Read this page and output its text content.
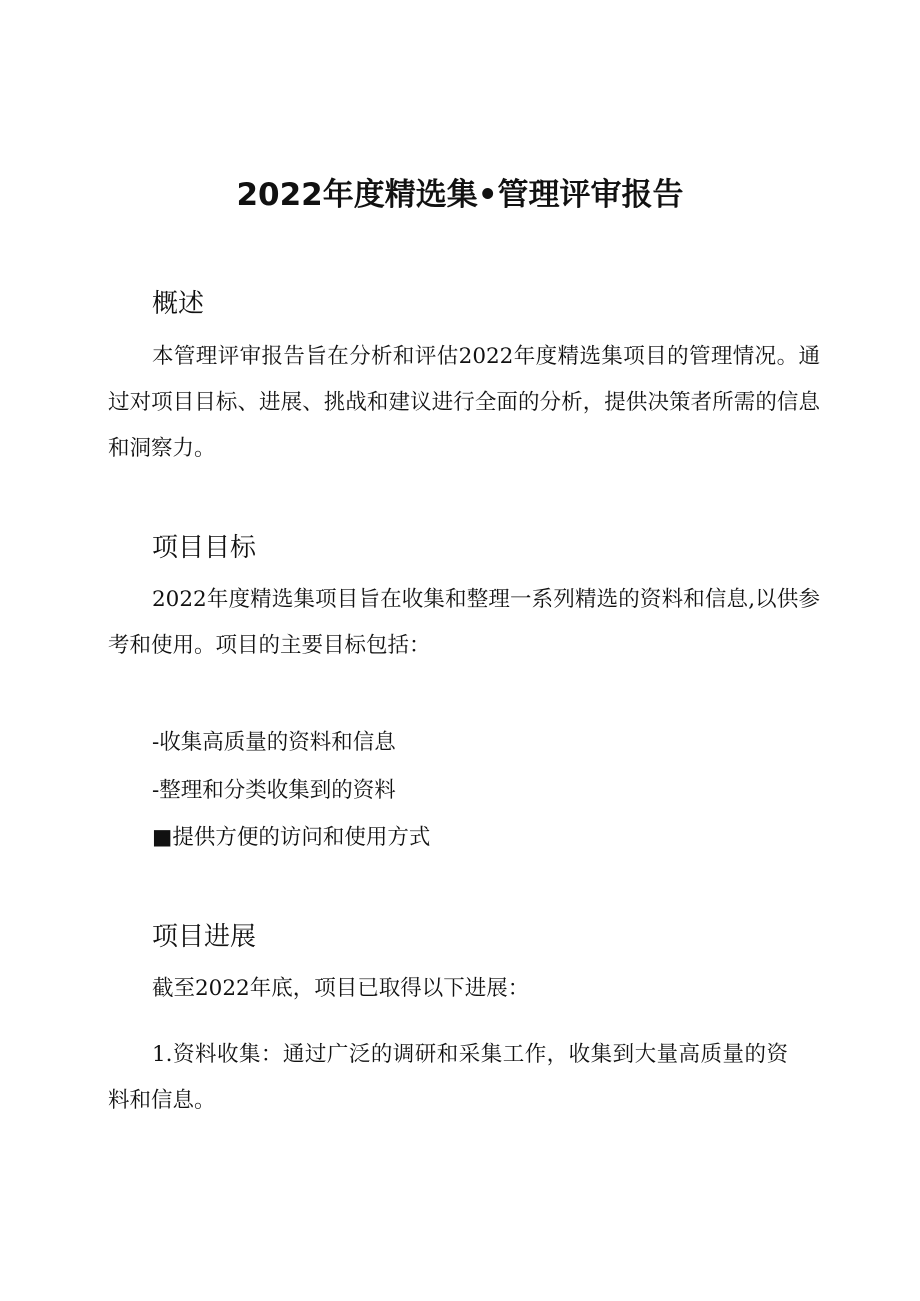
2022年度精选集•管理评审报告
概述

本管理评审报告旨在分析和评估2022年度精选集项目的管理情况。通过对项目目标、进展、挑战和建议进行全面的分析，提供决策者所需的信息和洞察力。

项目目标

2022年度精选集项目旨在收集和整理一系列精选的资料和信息,以供参考和使用。项目的主要目标包括：

-收集高质量的资料和信息
-整理和分类收集到的资料
■提供方便的访问和使用方式
项目进展
截至2022年底，项目已取得以下进展：

1.资料收集：通过广泛的调研和采集工作，收集到大量高质量的资料和信息。
